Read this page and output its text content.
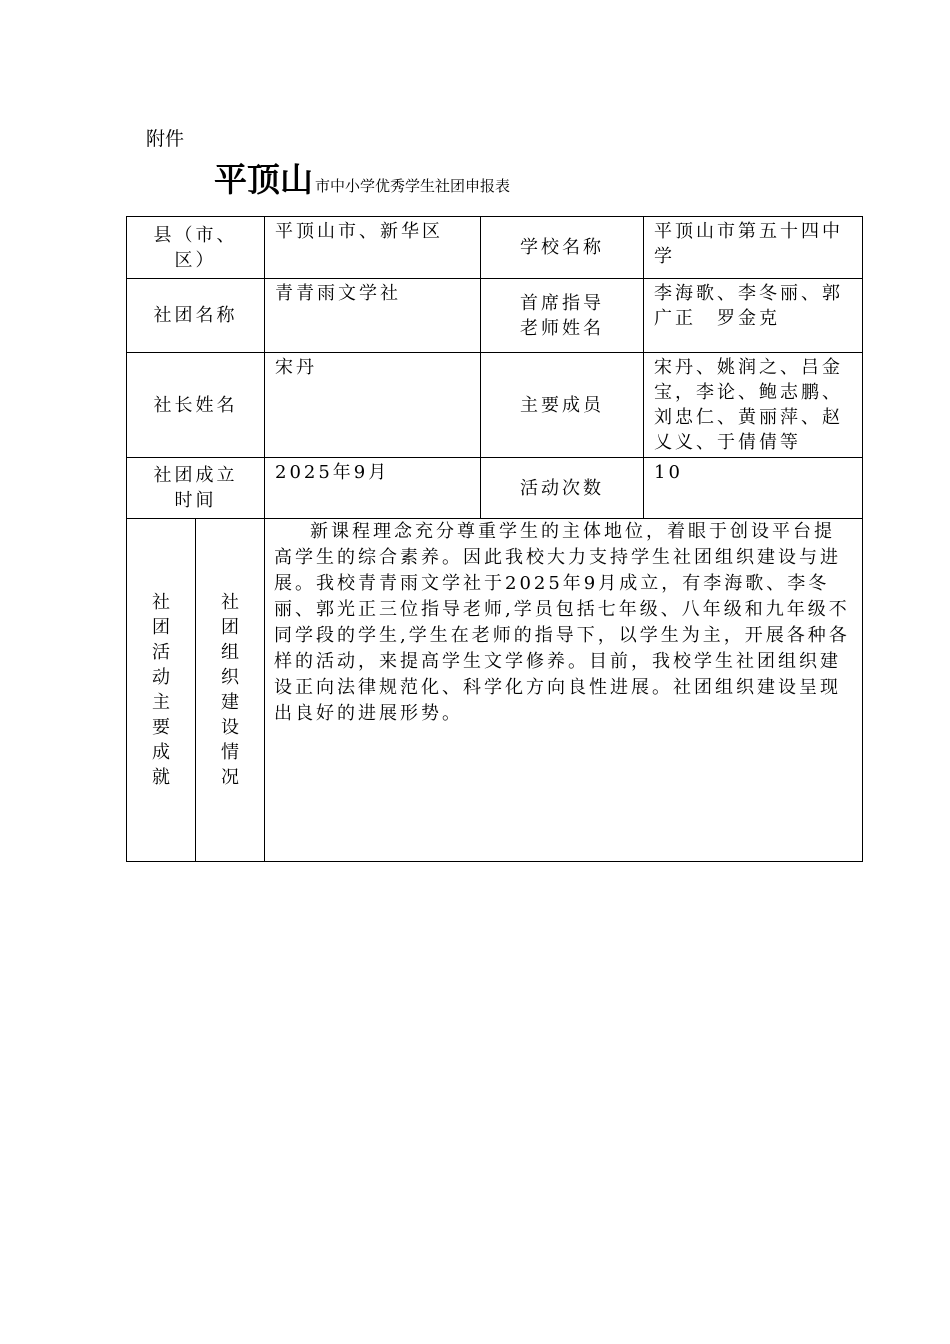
附件
平顶山 市中小学优秀学生社团申报表
县（市、区）		平顶山市、新华区	学校名称	平顶山市第五十四中学
社团名称		青青雨文学社	首席指导老师姓名	李海歌、李冬丽、郭广正　罗金克
社长姓名		宋丹	主要成员	宋丹、姚润之、吕金宝，李论、鲍志鹏、刘忠仁、黄丽萍、赵乂义、于倩倩等
社团成立时间		2025年9月	活动次数	10
社团活动主要成就	社团组织建设情况	新课程理念充分尊重学生的主体地位，着眼于创设平台提高学生的综合素养。因此我校大力支持学生社团组织建设与进展。我校青青雨文学社于2025年9月成立，有李海歌、李冬丽、郭光正三位指导老师,学员包括七年级、八年级和九年级不同学段的学生,学生在老师的指导下，以学生为主，开展各种各样的活动，来提高学生文学修养。目前，我校学生社团组织建设正向法律规范化、科学化方向良性进展。社团组织建设呈现出良好的进展形势。		
